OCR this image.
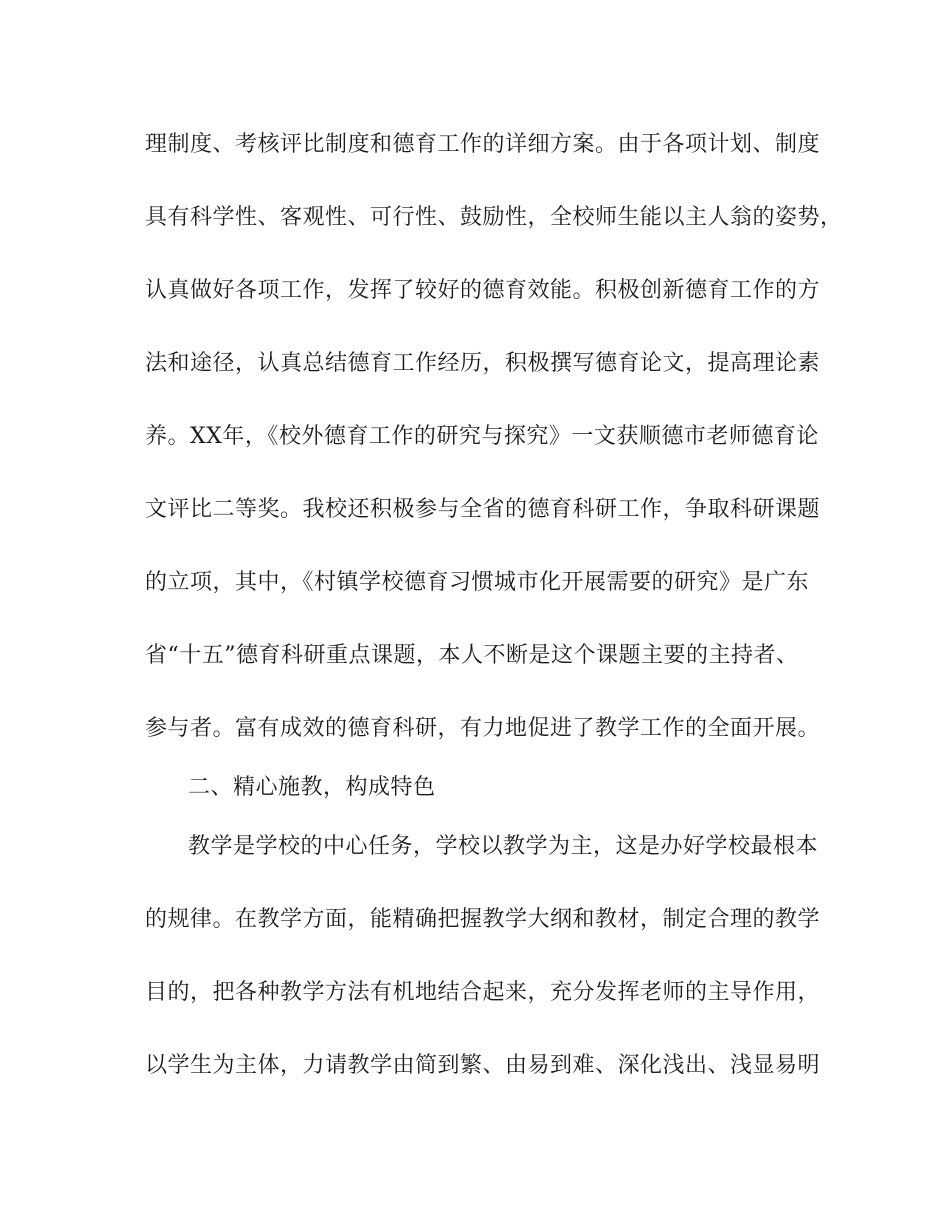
理制度、考核评比制度和德育工作的详细方案。由于各项计划、制度
具有科学性、客观性、可行性、鼓励性，全校师生能以主人翁的姿势，
认真做好各项工作，发挥了较好的德育效能。积极创新德育工作的方
法和途径，认真总结德育工作经历，积极撰写德育论文，提高理论素
养。XX年，《校外德育工作的研究与探究》一文获顺德市老师德育论
文评比二等奖。我校还积极参与全省的德育科研工作，争取科研课题
的立项，其中，《村镇学校德育习惯城市化开展需要的研究》是广东
省“十五”德育科研重点课题，本人不断是这个课题主要的主持者、
参与者。富有成效的德育科研，有力地促进了教学工作的全面开展。
二、精心施教，构成特色
教学是学校的中心任务，学校以教学为主，这是办好学校最根本
的规律。在教学方面，能精确把握教学大纲和教材，制定合理的教学
目的，把各种教学方法有机地结合起来，充分发挥老师的主导作用，
以学生为主体，力请教学由简到繁、由易到难、深化浅出、浅显易明
